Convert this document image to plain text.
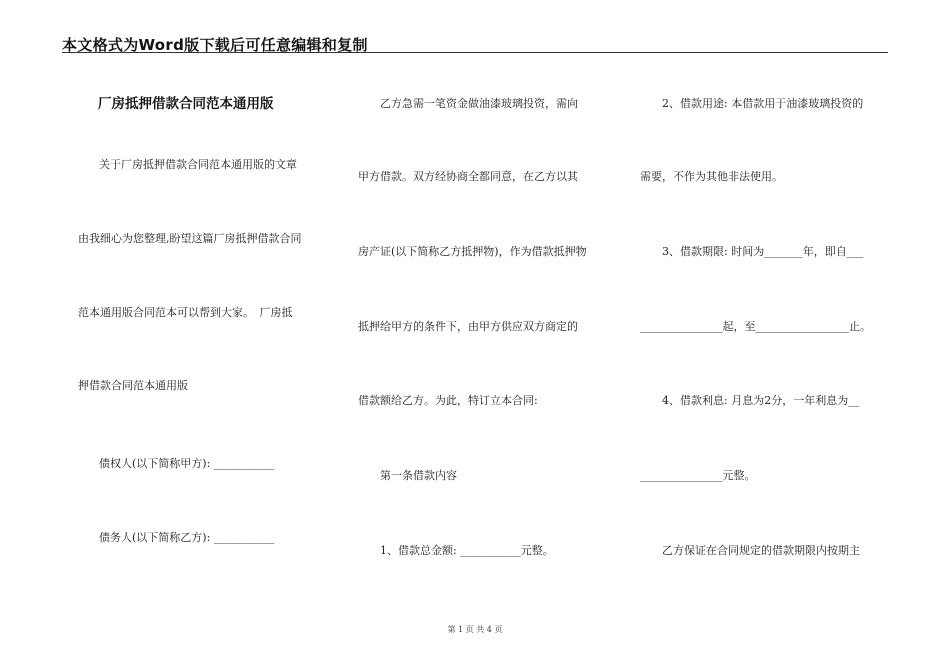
本文格式为Word版下载后可任意编辑和复制
厂房抵押借款合同范本通用版
关于厂房抵押借款合同范本通用版的文章
由我细心为您整理,盼望这篇厂房抵押借款合同
范本通用版合同范本可以帮到大家。　厂房抵
押借款合同范本通用版
债权人(以下简称甲方): ___________
债务人(以下简称乙方): ___________
乙方急需一笔资金做油漆玻璃投资，需向
甲方借款。双方经协商全都同意，在乙方以其
房产证(以下简称乙方抵押物)，作为借款抵押物
抵押给甲方的条件下，由甲方供应双方商定的
借款额给乙方。为此，特订立本合同:
第一条借款内容
1、借款总金额: ___________元整。
2、借款用途: 本借款用于油漆玻璃投资的
需要，不作为其他非法使用。
3、借款期限: 时间为_______年，即自___
_______________起，至_________________止。
4、借款利息: 月息为2分，一年利息为__
_______________元整。
乙方保证在合同规定的借款期限内按期主
第 1 页 共 4 页
